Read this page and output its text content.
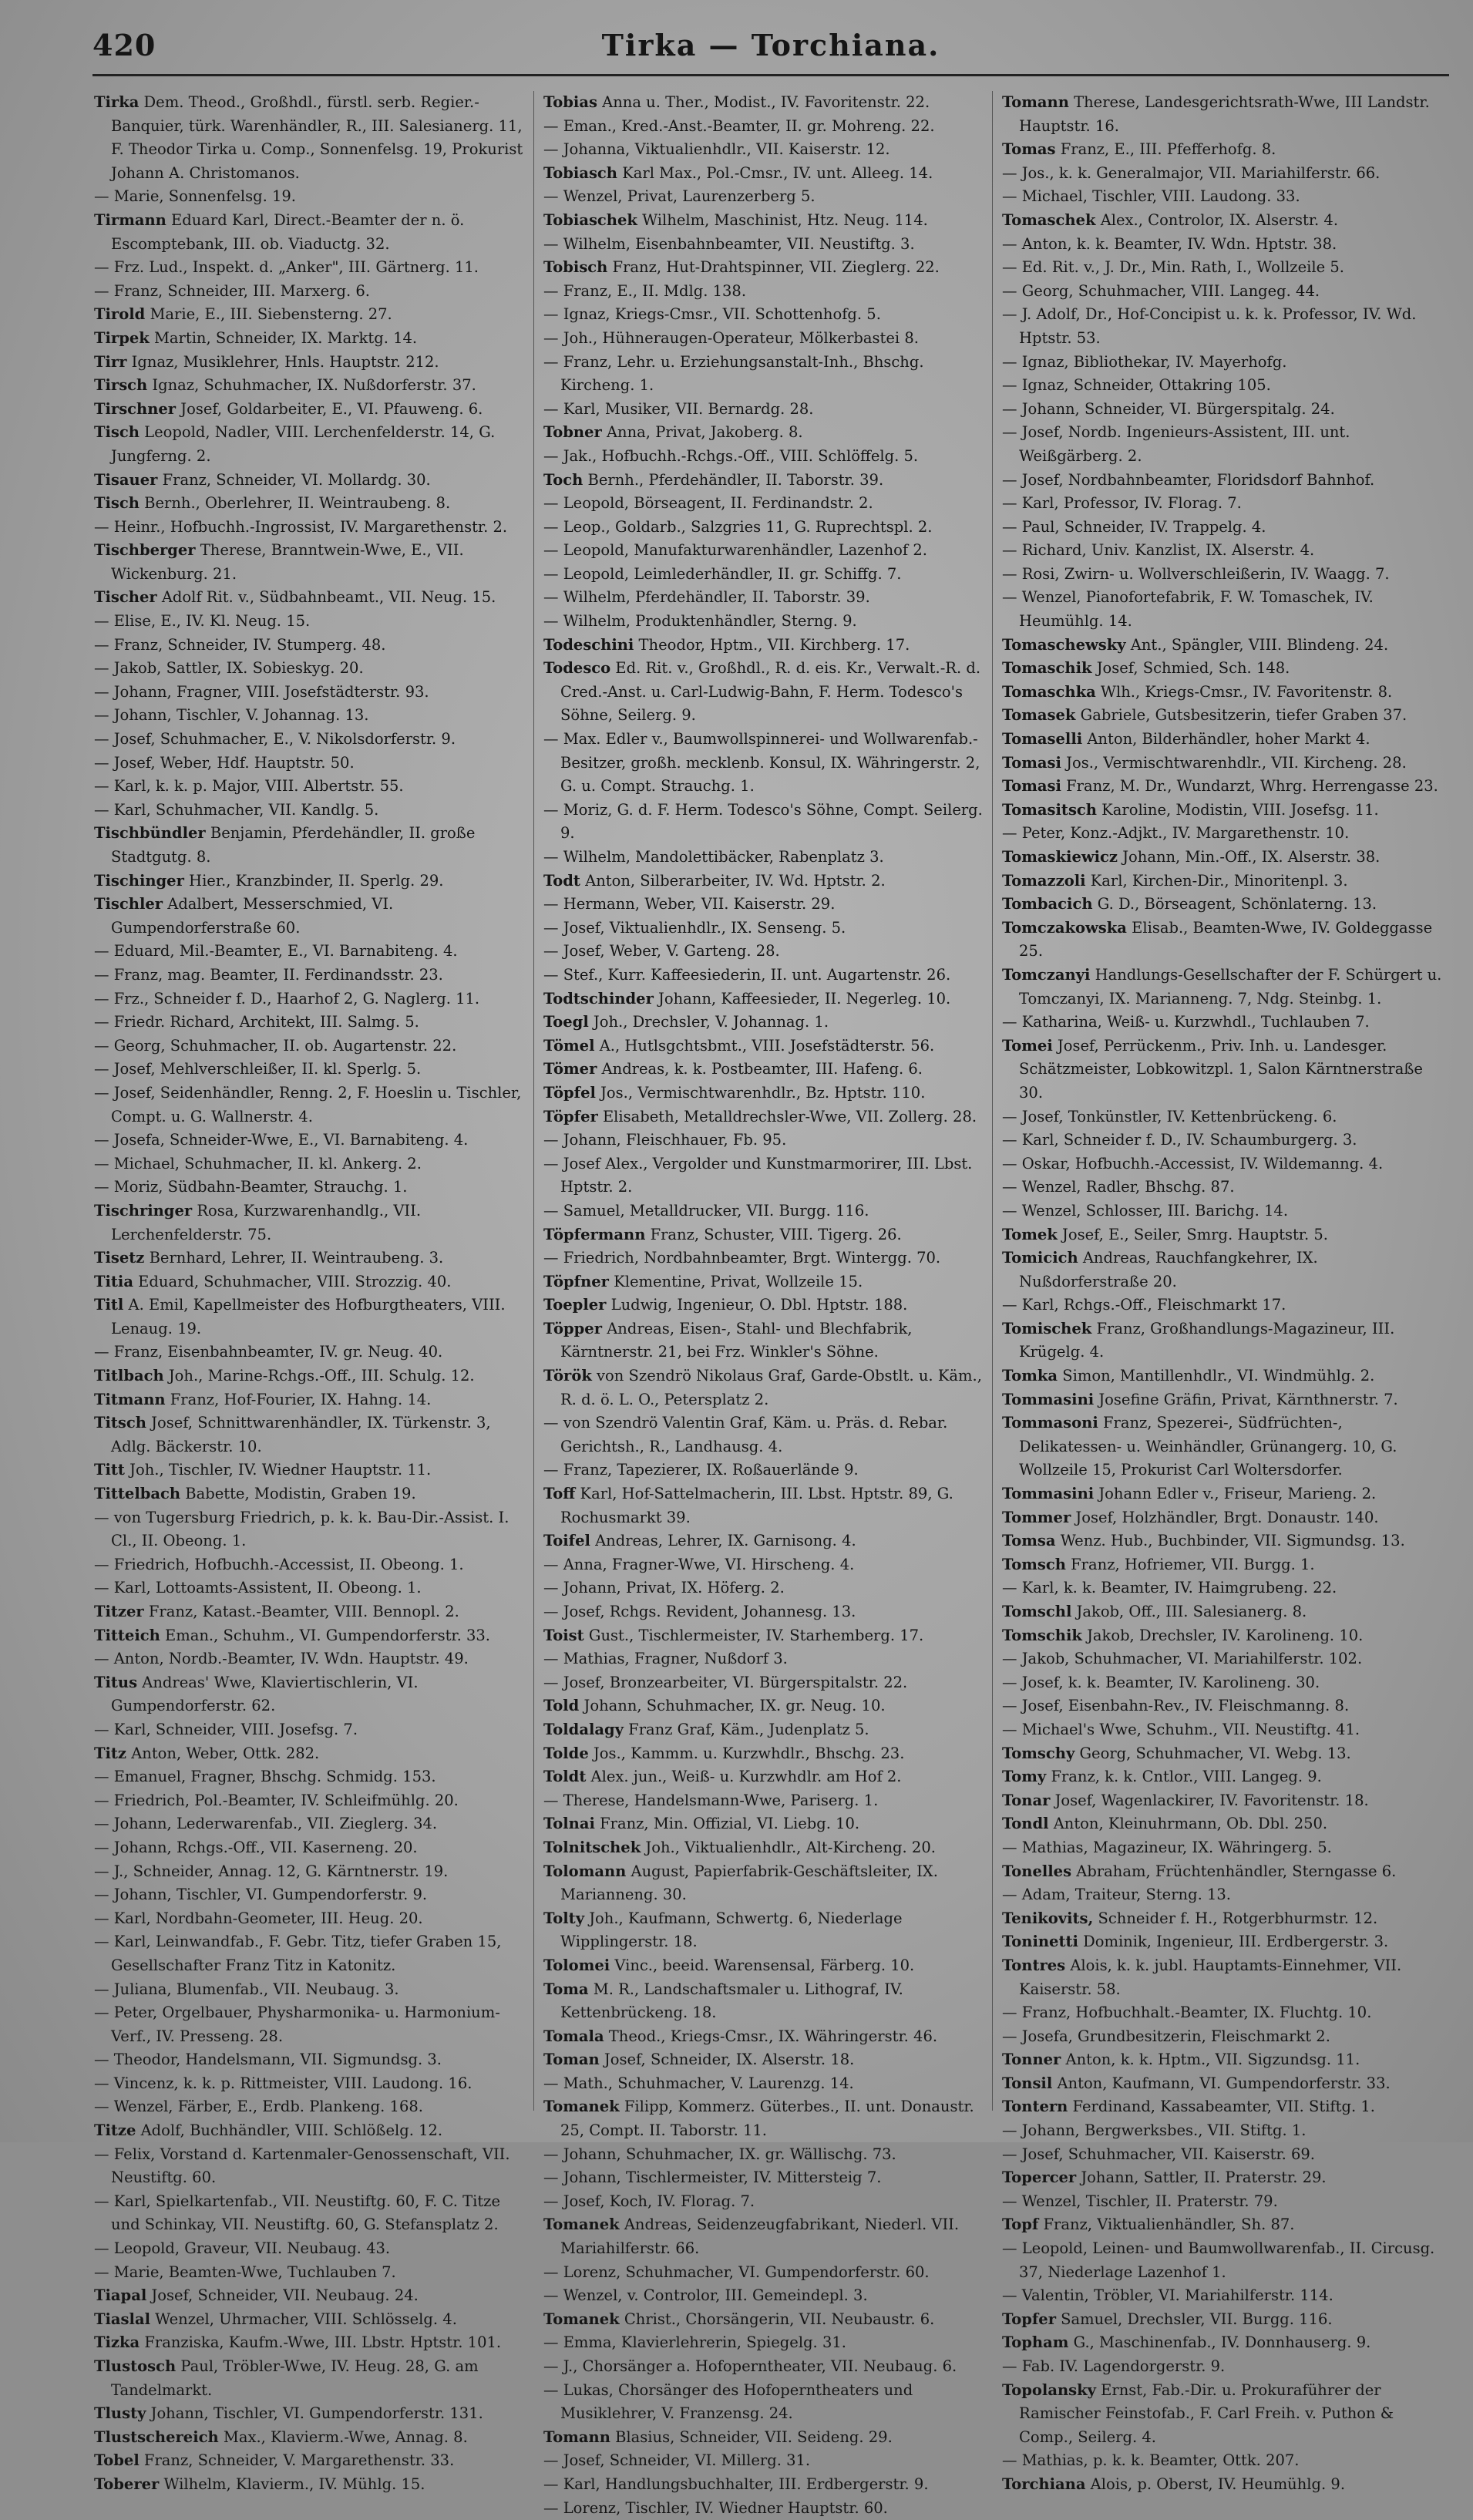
420	Tirka — Torchiana.

Tirka Dem. Theod., Großhdl., fürstl. serb. Regier.-Banquier, türk. Warenhändler, R., III. Salesianerg. 11, F. Theodor Tirka u. Comp., Sonnenfelsg. 19, Prokurist Johann A. Christomanos.

— Marie, Sonnenfelsg. 19.

Tirmann Eduard Karl, Direct.-Beamter der n. ö. Escomptebank, III. ob. Viaductg. 32.

— Frz. Lud., Inspekt. d. „Anker", III. Gärtnerg. 11.

— Franz, Schneider, III. Marxerg. 6.

Tirold Marie, E., III. Siebensterng. 27.

Tirpek Martin, Schneider, IX. Marktg. 14.

Tirr Ignaz, Musiklehrer, Hnls. Hauptstr. 212.

Tirsch Ignaz, Schuhmacher, IX. Nußdorferstr. 37.

Tirschner Josef, Goldarbeiter, E., VI. Pfauweng. 6.

Tisch Leopold, Nadler, VIII. Lerchenfelderstr. 14, G. Jungferng. 2.

Tisauer Franz, Schneider, VI. Mollardg. 30.

Tisch Bernh., Oberlehrer, II. Weintraubeng. 8.

— Heinr., Hofbuchh.-Ingrossist, IV. Margarethenstr. 2.

Tischberger Therese, Branntwein-Wwe, E., VII. Wickenburg. 21.

Tischer Adolf Rit. v., Südbahnbeamt., VII. Neug. 15.

— Elise, E., IV. Kl. Neug. 15.

— Franz, Schneider, IV. Stumperg. 48.

— Jakob, Sattler, IX. Sobieskyg. 20.

— Johann, Fragner, VIII. Josefstädterstr. 93.

— Johann, Tischler, V. Johannag. 13.

— Josef, Schuhmacher, E., V. Nikolsdorferstr. 9.

— Josef, Weber, Hdf. Hauptstr. 50.

— Karl, k. k. p. Major, VIII. Albertstr. 55.

— Karl, Schuhmacher, VII. Kandlg. 5.

Tischbündler Benjamin, Pferdehändler, II. große Stadtgutg. 8.

Tischinger Hier., Kranzbinder, II. Sperlg. 29.

Tischler Adalbert, Messerschmied, VI. Gumpendorferstraße 60.

— Eduard, Mil.-Beamter, E., VI. Barnabiteng. 4.

— Franz, mag. Beamter, II. Ferdinandsstr. 23.

— Frz., Schneider f. D., Haarhof 2, G. Naglerg. 11.

— Friedr. Richard, Architekt, III. Salmg. 5.

— Georg, Schuhmacher, II. ob. Augartenstr. 22.

— Josef, Mehlverschleißer, II. kl. Sperlg. 5.

— Josef, Seidenhändler, Renng. 2, F. Hoeslin u. Tischler, Compt. u. G. Wallnerstr. 4.

— Josefa, Schneider-Wwe, E., VI. Barnabiteng. 4.

— Michael, Schuhmacher, II. kl. Ankerg. 2.

— Moriz, Südbahn-Beamter, Strauchg. 1.

Tischringer Rosa, Kurzwarenhandlg., VII. Lerchenfelderstr. 75.

Tisetz Bernhard, Lehrer, II. Weintraubeng. 3.

Titia Eduard, Schuhmacher, VIII. Strozzig. 40.

Titl A. Emil, Kapellmeister des Hofburgtheaters, VIII. Lenaug. 19.

— Franz, Eisenbahnbeamter, IV. gr. Neug. 40.

Titlbach Joh., Marine-Rchgs.-Off., III. Schulg. 12.

Titmann Franz, Hof-Fourier, IX. Hahng. 14.

Titsch Josef, Schnittwarenhändler, IX. Türkenstr. 3, Adlg. Bäckerstr. 10.

Titt Joh., Tischler, IV. Wiedner Hauptstr. 11.

Tittelbach Babette, Modistin, Graben 19.

— von Tugersburg Friedrich, p. k. k. Bau-Dir.-Assist. I. Cl., II. Obeong. 1.

— Friedrich, Hofbuchh.-Accessist, II. Obeong. 1.

— Karl, Lottoamts-Assistent, II. Obeong. 1.

Titzer Franz, Katast.-Beamter, VIII. Bennopl. 2.

Titteich Eman., Schuhm., VI. Gumpendorferstr. 33.

— Anton, Nordb.-Beamter, IV. Wdn. Hauptstr. 49.

Titus Andreas' Wwe, Klaviertischlerin, VI. Gumpendorferstr. 62.

— Karl, Schneider, VIII. Josefsg. 7.

Titz Anton, Weber, Ottk. 282.

— Emanuel, Fragner, Bhschg. Schmidg. 153.

— Friedrich, Pol.-Beamter, IV. Schleifmühlg. 20.

— Johann, Lederwarenfab., VII. Zieglerg. 34.

— Johann, Rchgs.-Off., VII. Kaserneng. 20.

— J., Schneider, Annag. 12, G. Kärntnerstr. 19.

— Johann, Tischler, VI. Gumpendorferstr. 9.

— Karl, Nordbahn-Geometer, III. Heug. 20.

— Karl, Leinwandfab., F. Gebr. Titz, tiefer Graben 15, Gesellschafter Franz Titz in Katonitz.

— Juliana, Blumenfab., VII. Neubaug. 3.

— Peter, Orgelbauer, Physharmonika- u. Harmonium-Verf., IV. Presseng. 28.

— Theodor, Handelsmann, VII. Sigmundsg. 3.

— Vincenz, k. k. p. Rittmeister, VIII. Laudong. 16.

— Wenzel, Färber, E., Erdb. Plankeng. 168.

Titze Adolf, Buchhändler, VIII. Schlößelg. 12.

— Felix, Vorstand d. Kartenmaler-Genossenschaft, VII. Neustiftg. 60.

— Karl, Spielkartenfab., VII. Neustiftg. 60, F. C. Titze und Schinkay, VII. Neustiftg. 60, G. Stefansplatz 2.

— Leopold, Graveur, VII. Neubaug. 43.

— Marie, Beamten-Wwe, Tuchlauben 7.

Tiapal Josef, Schneider, VII. Neubaug. 24.

Tiaslal Wenzel, Uhrmacher, VIII. Schlösselg. 4.

Tizka Franziska, Kaufm.-Wwe, III. Lbstr. Hptstr. 101.

Tlustosch Paul, Tröbler-Wwe, IV. Heug. 28, G. am Tandelmarkt.

Tlusty Johann, Tischler, VI. Gumpendorferstr. 131.

Tlustschereich Max., Klavierm.-Wwe, Annag. 8.

Tobel Franz, Schneider, V. Margarethenstr. 33.

Toberer Wilhelm, Klavierm., IV. Mühlg. 15.

Tobias Anna u. Ther., Modist., IV. Favoritenstr. 22.

— Eman., Kred.-Anst.-Beamter, II. gr. Mohreng. 22.

— Johanna, Viktualienhdlr., VII. Kaiserstr. 12.

Tobiasch Karl Max., Pol.-Cmsr., IV. unt. Alleeg. 14.

— Wenzel, Privat, Laurenzerberg 5.

Tobiaschek Wilhelm, Maschinist, Htz. Neug. 114.

— Wilhelm, Eisenbahnbeamter, VII. Neustiftg. 3.

Tobisch Franz, Hut-Drahtspinner, VII. Zieglerg. 22.

— Franz, E., II. Mdlg. 138.

— Ignaz, Kriegs-Cmsr., VII. Schottenhofg. 5.

— Joh., Hühneraugen-Operateur, Mölkerbastei 8.

— Franz, Lehr. u. Erziehungsanstalt-Inh., Bhschg. Kircheng. 1.

— Karl, Musiker, VII. Bernardg. 28.

Tobner Anna, Privat, Jakoberg. 8.

— Jak., Hofbuchh.-Rchgs.-Off., VIII. Schlöffelg. 5.

Toch Bernh., Pferdehändler, II. Taborstr. 39.

— Leopold, Börseagent, II. Ferdinandstr. 2.

— Leop., Goldarb., Salzgries 11, G. Ruprechtspl. 2.

— Leopold, Manufakturwarenhändler, Lazenhof 2.

— Leopold, Leimlederhändler, II. gr. Schiffg. 7.

— Wilhelm, Pferdehändler, II. Taborstr. 39.

— Wilhelm, Produktenhändler, Sterng. 9.

Todeschini Theodor, Hptm., VII. Kirchberg. 17.

Todesco Ed. Rit. v., Großhdl., R. d. eis. Kr., Verwalt.-R. d. Cred.-Anst. u. Carl-Ludwig-Bahn, F. Herm. Todesco's Söhne, Seilerg. 9.

— Max. Edler v., Baumwollspinnerei- und Wollwarenfab.-Besitzer, großh. mecklenb. Konsul, IX. Währingerstr. 2, G. u. Compt. Strauchg. 1.

— Moriz, G. d. F. Herm. Todesco's Söhne, Compt. Seilerg. 9.

— Wilhelm, Mandolettibäcker, Rabenplatz 3.

Todt Anton, Silberarbeiter, IV. Wd. Hptstr. 2.

— Hermann, Weber, VII. Kaiserstr. 29.

— Josef, Viktualienhdlr., IX. Senseng. 5.

— Josef, Weber, V. Garteng. 28.

— Stef., Kurr. Kaffeesiederin, II. unt. Augartenstr. 26.

Todtschinder Johann, Kaffeesieder, II. Negerleg. 10.

Toegl Joh., Drechsler, V. Johannag. 1.

Tömel A., Hutlsgchtsbmt., VIII. Josefstädterstr. 56.

Tömer Andreas, k. k. Postbeamter, III. Hafeng. 6.

Töpfel Jos., Vermischtwarenhdlr., Bz. Hptstr. 110.

Töpfer Elisabeth, Metalldrechsler-Wwe, VII. Zollerg. 28.

— Johann, Fleischhauer, Fb. 95.

— Josef Alex., Vergolder und Kunstmarmorirer, III. Lbst. Hptstr. 2.

— Samuel, Metalldrucker, VII. Burgg. 116.

Töpfermann Franz, Schuster, VIII. Tigerg. 26.

— Friedrich, Nordbahnbeamter, Brgt. Wintergg. 70.

Töpfner Klementine, Privat, Wollzeile 15.

Toepler Ludwig, Ingenieur, O. Dbl. Hptstr. 188.

Töpper Andreas, Eisen-, Stahl- und Blechfabrik, Kärntnerstr. 21, bei Frz. Winkler's Söhne.

Török von Szendrö Nikolaus Graf, Garde-Obstlt. u. Käm., R. d. ö. L. O., Petersplatz 2.

— von Szendrö Valentin Graf, Käm. u. Präs. d. Rebar. Gerichtsh., R., Landhausg. 4.

— Franz, Tapezierer, IX. Roßauerlände 9.

Toff Karl, Hof-Sattelmacherin, III. Lbst. Hptstr. 89, G. Rochusmarkt 39.

Toifel Andreas, Lehrer, IX. Garnisong. 4.

— Anna, Fragner-Wwe, VI. Hirscheng. 4.

— Johann, Privat, IX. Höferg. 2.

— Josef, Rchgs. Revident, Johannesg. 13.

Toist Gust., Tischlermeister, IV. Starhemberg. 17.

— Mathias, Fragner, Nußdorf 3.

— Josef, Bronzearbeiter, VI. Bürgerspitalstr. 22.

Told Johann, Schuhmacher, IX. gr. Neug. 10.

Toldalagy Franz Graf, Käm., Judenplatz 5.

Tolde Jos., Kammm. u. Kurzwhdlr., Bhschg. 23.

Toldt Alex. jun., Weiß- u. Kurzwhdlr. am Hof 2.

— Therese, Handelsmann-Wwe, Pariserg. 1.

Tolnai Franz, Min. Offizial, VI. Liebg. 10.

Tolnitschek Joh., Viktualienhdlr., Alt-Kircheng. 20.

Tolomann August, Papierfabrik-Geschäftsleiter, IX. Marianneng. 30.

Tolty Joh., Kaufmann, Schwertg. 6, Niederlage Wipplingerstr. 18.

Tolomei Vinc., beeid. Warensensal, Färberg. 10.

Toma M. R., Landschaftsmaler u. Lithograf, IV. Kettenbrückeng. 18.

Tomala Theod., Kriegs-Cmsr., IX. Währingerstr. 46.

Toman Josef, Schneider, IX. Alserstr. 18.

— Math., Schuhmacher, V. Laurenzg. 14.

Tomanek Filipp, Kommerz. Güterbes., II. unt. Donaustr. 25, Compt. II. Taborstr. 11.

— Johann, Schuhmacher, IX. gr. Wällischg. 73.

— Johann, Tischlermeister, IV. Mittersteig 7.

— Josef, Koch, IV. Florag. 7.

Tomanek Andreas, Seidenzeugfabrikant, Niederl. VII. Mariahilferstr. 66.

— Lorenz, Schuhmacher, VI. Gumpendorferstr. 60.

— Wenzel, v. Controlor, III. Gemeindepl. 3.

Tomanek Christ., Chorsängerin, VII. Neubaustr. 6.

— Emma, Klavierlehrerin, Spiegelg. 31.

— J., Chorsänger a. Hofoperntheater, VII. Neubaug. 6.

— Lukas, Chorsänger des Hofoperntheaters und Musiklehrer, V. Franzensg. 24.

Tomann Blasius, Schneider, VII. Seideng. 29.

— Josef, Schneider, VI. Millerg. 31.

— Karl, Handlungsbuchhalter, III. Erdbergerstr. 9.

— Lorenz, Tischler, IV. Wiedner Hauptstr. 60.

Tomann Therese, Landesgerichtsrath-Wwe, III Landstr. Hauptstr. 16.

Tomas Franz, E., III. Pfefferhofg. 8.

— Jos., k. k. Generalmajor, VII. Mariahilferstr. 66.

— Michael, Tischler, VIII. Laudong. 33.

Tomaschek Alex., Controlor, IX. Alserstr. 4.

— Anton, k. k. Beamter, IV. Wdn. Hptstr. 38.

— Ed. Rit. v., J. Dr., Min. Rath, I., Wollzeile 5.

— Georg, Schuhmacher, VIII. Langeg. 44.

— J. Adolf, Dr., Hof-Concipist u. k. k. Professor, IV. Wd. Hptstr. 53.

— Ignaz, Bibliothekar, IV. Mayerhofg.

— Ignaz, Schneider, Ottakring 105.

— Johann, Schneider, VI. Bürgerspitalg. 24.

— Josef, Nordb. Ingenieurs-Assistent, III. unt. Weißgärberg. 2.

— Josef, Nordbahnbeamter, Floridsdorf Bahnhof.

— Karl, Professor, IV. Florag. 7.

— Paul, Schneider, IV. Trappelg. 4.

— Richard, Univ. Kanzlist, IX. Alserstr. 4.

— Rosi, Zwirn- u. Wollverschleißerin, IV. Waagg. 7.

— Wenzel, Pianofortefabrik, F. W. Tomaschek, IV. Heumühlg. 14.

Tomaschewsky Ant., Spängler, VIII. Blindeng. 24.

Tomaschik Josef, Schmied, Sch. 148.

Tomaschka Wlh., Kriegs-Cmsr., IV. Favoritenstr. 8.

Tomasek Gabriele, Gutsbesitzerin, tiefer Graben 37.

Tomaselli Anton, Bilderhändler, hoher Markt 4.

Tomasi Jos., Vermischtwarenhdlr., VII. Kircheng. 28.

Tomasi Franz, M. Dr., Wundarzt, Whrg. Herrengasse 23.

Tomasitsch Karoline, Modistin, VIII. Josefsg. 11.

— Peter, Konz.-Adjkt., IV. Margarethenstr. 10.

Tomaskiewicz Johann, Min.-Off., IX. Alserstr. 38.

Tomazzoli Karl, Kirchen-Dir., Minoritenpl. 3.

Tombacich G. D., Börseagent, Schönlaterng. 13.

Tomczakowska Elisab., Beamten-Wwe, IV. Goldeggasse 25.

Tomczanyi Handlungs-Gesellschafter der F. Schürgert u. Tomczanyi, IX. Marianneng. 7, Ndg. Steinbg. 1.

— Katharina, Weiß- u. Kurzwhdl., Tuchlauben 7.

Tomei Josef, Perrückenm., Priv. Inh. u. Landesger. Schätzmeister, Lobkowitzpl. 1, Salon Kärntnerstraße 30.

— Josef, Tonkünstler, IV. Kettenbrückeng. 6.

— Karl, Schneider f. D., IV. Schaumburgerg. 3.

— Oskar, Hofbuchh.-Accessist, IV. Wildemanng. 4.

— Wenzel, Radler, Bhschg. 87.

— Wenzel, Schlosser, III. Barichg. 14.

Tomek Josef, E., Seiler, Smrg. Hauptstr. 5.

Tomicich Andreas, Rauchfangkehrer, IX. Nußdorferstraße 20.

— Karl, Rchgs.-Off., Fleischmarkt 17.

Tomischek Franz, Großhandlungs-Magazineur, III. Krügelg. 4.

Tomka Simon, Mantillenhdlr., VI. Windmühlg. 2.

Tommasini Josefine Gräfin, Privat, Kärnthnerstr. 7.

Tommasoni Franz, Spezerei-, Südfrüchten-, Delikatessen- u. Weinhändler, Grünangerg. 10, G. Wollzeile 15, Prokurist Carl Woltersdorfer.

Tommasini Johann Edler v., Friseur, Marieng. 2.

Tommer Josef, Holzhändler, Brgt. Donaustr. 140.

Tomsa Wenz. Hub., Buchbinder, VII. Sigmundsg. 13.

Tomsch Franz, Hofriemer, VII. Burgg. 1.

— Karl, k. k. Beamter, IV. Haimgrubeng. 22.

Tomschl Jakob, Off., III. Salesianerg. 8.

Tomschik Jakob, Drechsler, IV. Karolineng. 10.

— Jakob, Schuhmacher, VI. Mariahilferstr. 102.

— Josef, k. k. Beamter, IV. Karolineng. 30.

— Josef, Eisenbahn-Rev., IV. Fleischmanng. 8.

— Michael's Wwe, Schuhm., VII. Neustiftg. 41.

Tomschy Georg, Schuhmacher, VI. Webg. 13.

Tomy Franz, k. k. Cntlor., VIII. Langeg. 9.

Tonar Josef, Wagenlackirer, IV. Favoritenstr. 18.

Tondl Anton, Kleinuhrmann, Ob. Dbl. 250.

— Mathias, Magazineur, IX. Währingerg. 5.

Tonelles Abraham, Früchtenhändler, Sterngasse 6.

— Adam, Traiteur, Sterng. 13.

Tenikovits, Schneider f. H., Rotgerbhurmstr. 12.

Toninetti Dominik, Ingenieur, III. Erdbergerstr. 3.

Tontres Alois, k. k. jubl. Hauptamts-Einnehmer, VII. Kaiserstr. 58.

— Franz, Hofbuchhalt.-Beamter, IX. Fluchtg. 10.

— Josefa, Grundbesitzerin, Fleischmarkt 2.

Tonner Anton, k. k. Hptm., VII. Sigzundsg. 11.

Tonsil Anton, Kaufmann, VI. Gumpendorferstr. 33.

Tontern Ferdinand, Kassabeamter, VII. Stiftg. 1.

— Johann, Bergwerksbes., VII. Stiftg. 1.

— Josef, Schuhmacher, VII. Kaiserstr. 69.

Topercer Johann, Sattler, II. Praterstr. 29.

— Wenzel, Tischler, II. Praterstr. 79.

Topf Franz, Viktualienhändler, Sh. 87.

— Leopold, Leinen- und Baumwollwarenfab., II. Circusg. 37, Niederlage Lazenhof 1.

— Valentin, Tröbler, VI. Mariahilferstr. 114.

Topfer Samuel, Drechsler, VII. Burgg. 116.

Topham G., Maschinenfab., IV. Donnhauserg. 9.

— Fab. IV. Lagendorgerstr. 9.

Topolansky Ernst, Fab.-Dir. u. Prokuraführer der Ramischer Feinstofab., F. Carl Freih. v. Puthon & Comp., Seilerg. 4.

— Mathias, p. k. k. Beamter, Ottk. 207.

Torchiana Alois, p. Oberst, IV. Heumühlg. 9.
